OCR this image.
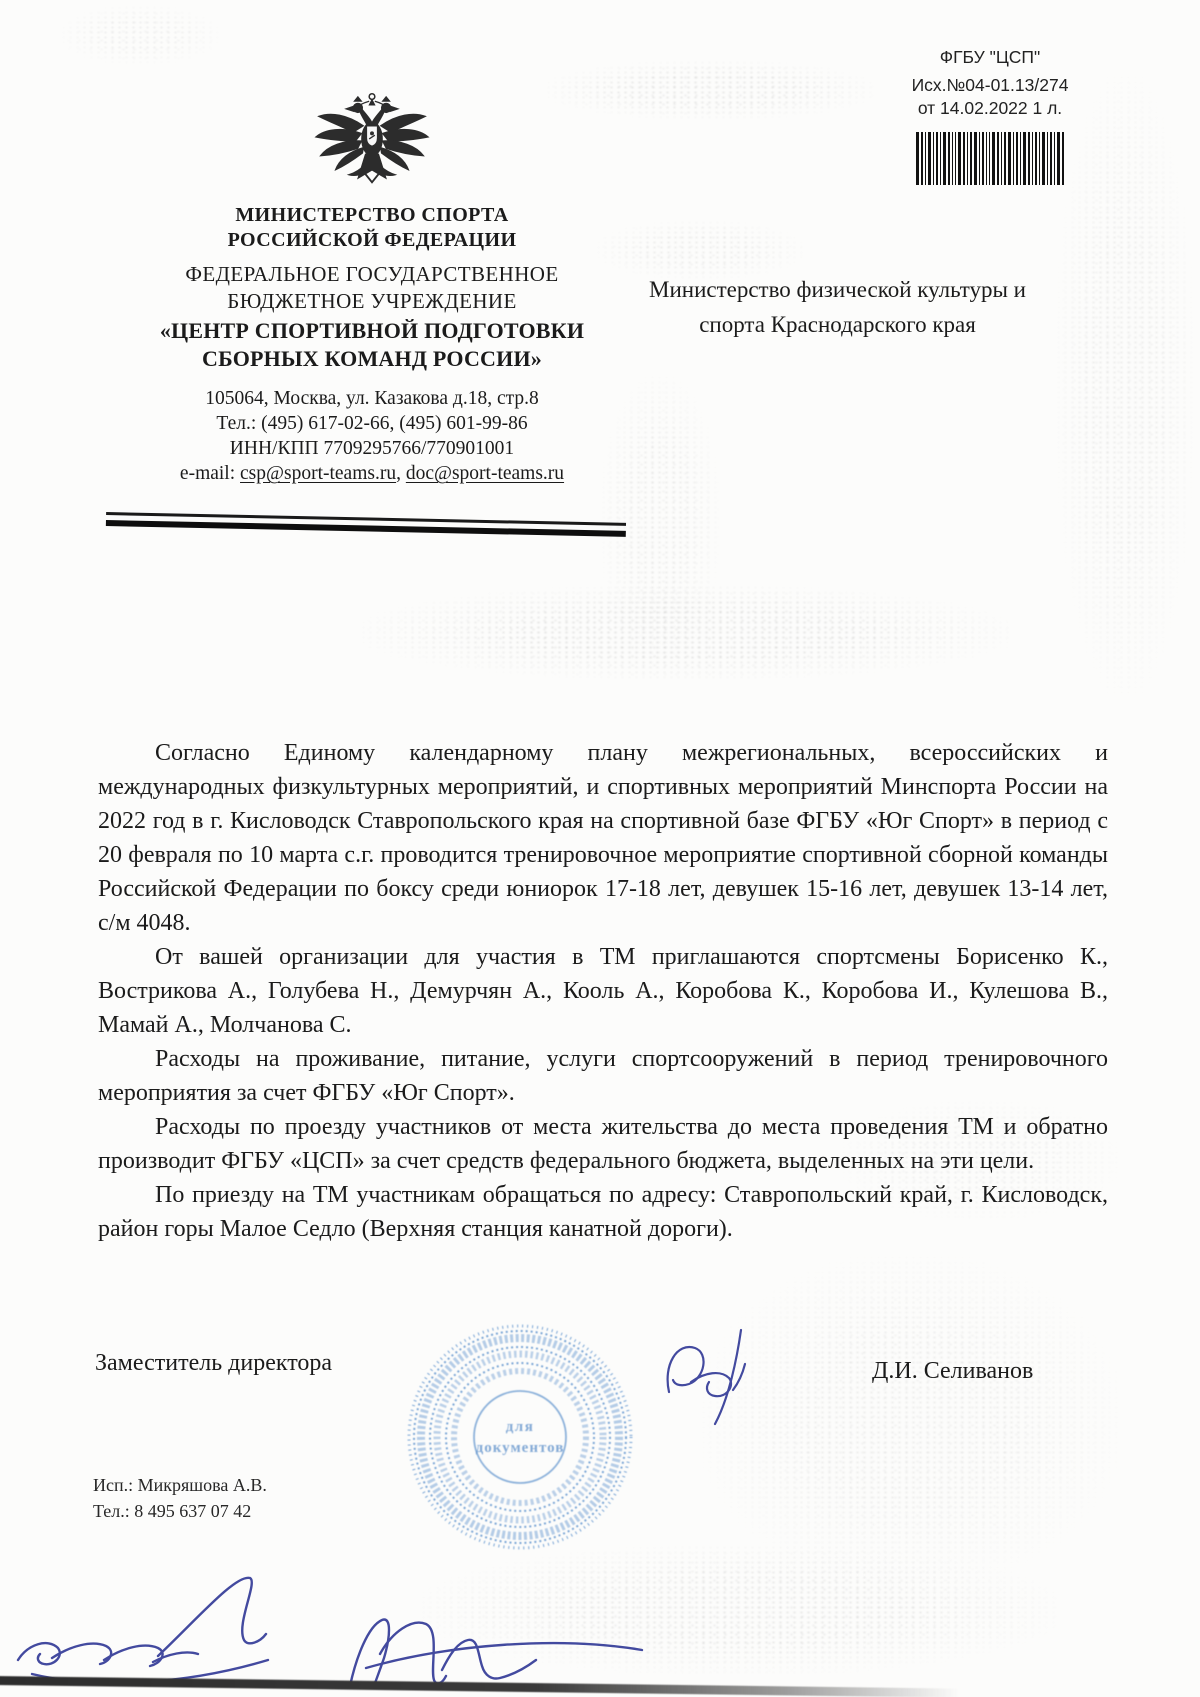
ФГБУ "ЦСП"
Исх.№04-01.13/274
от 14.02.2022 1 л.
МИНИСТЕРСТВО СПОРТА
РОССИЙСКОЙ ФЕДЕРАЦИИ
ФЕДЕРАЛЬНОЕ ГОСУДАРСТВЕННОЕ
БЮДЖЕТНОЕ УЧРЕЖДЕНИЕ
«ЦЕНТР СПОРТИВНОЙ ПОДГОТОВКИ
СБОРНЫХ КОМАНД РОССИИ»
105064, Москва, ул. Казакова д.18, стр.8
Тел.: (495) 617-02-66, (495) 601-99-86
ИНН/КПП 7709295766/770901001
e-mail: csp@sport-teams.ru, doc@sport-teams.ru
Министерство физической культуры и
спорта Краснодарского края

Согласно Единому календарному плану межрегиональных, всероссийских и международных физкультурных мероприятий, и спортивных мероприятий Минспорта России на 2022 год в г. Кисловодск Ставропольского края на спортивной базе ФГБУ «Юг Спорт» в период с 20 февраля по 10 марта с.г. проводится тренировочное мероприятие спортивной сборной команды Российской Федерации по боксу среди юниорок 17-18 лет, девушек 15-16 лет, девушек 13-14 лет, с/м 4048.

От вашей организации для участия в ТМ приглашаются спортсмены Борисенко К., Вострикова А., Голубева Н., Демурчян А., Кооль А., Коробова К., Коробова И., Кулешова В., Мамай А., Молчанова С.

Расходы на проживание, питание, услуги спортсооружений в период тренировочного мероприятия за счет ФГБУ «Юг Спорт».

Расходы по проезду участников от места жительства до места проведения ТМ и обратно производит ФГБУ «ЦСП» за счет средств федерального бюджета, выделенных на эти цели.

По приезду на ТМ участникам обращаться по адресу: Ставропольский край, г. Кисловодск, район горы Малое Седло (Верхняя станция канатной дороги).

для
документов
Заместитель директора	Д.И. Селиванов
Исп.: Микряшова А.В.
Тел.: 8 495 637 07 42
